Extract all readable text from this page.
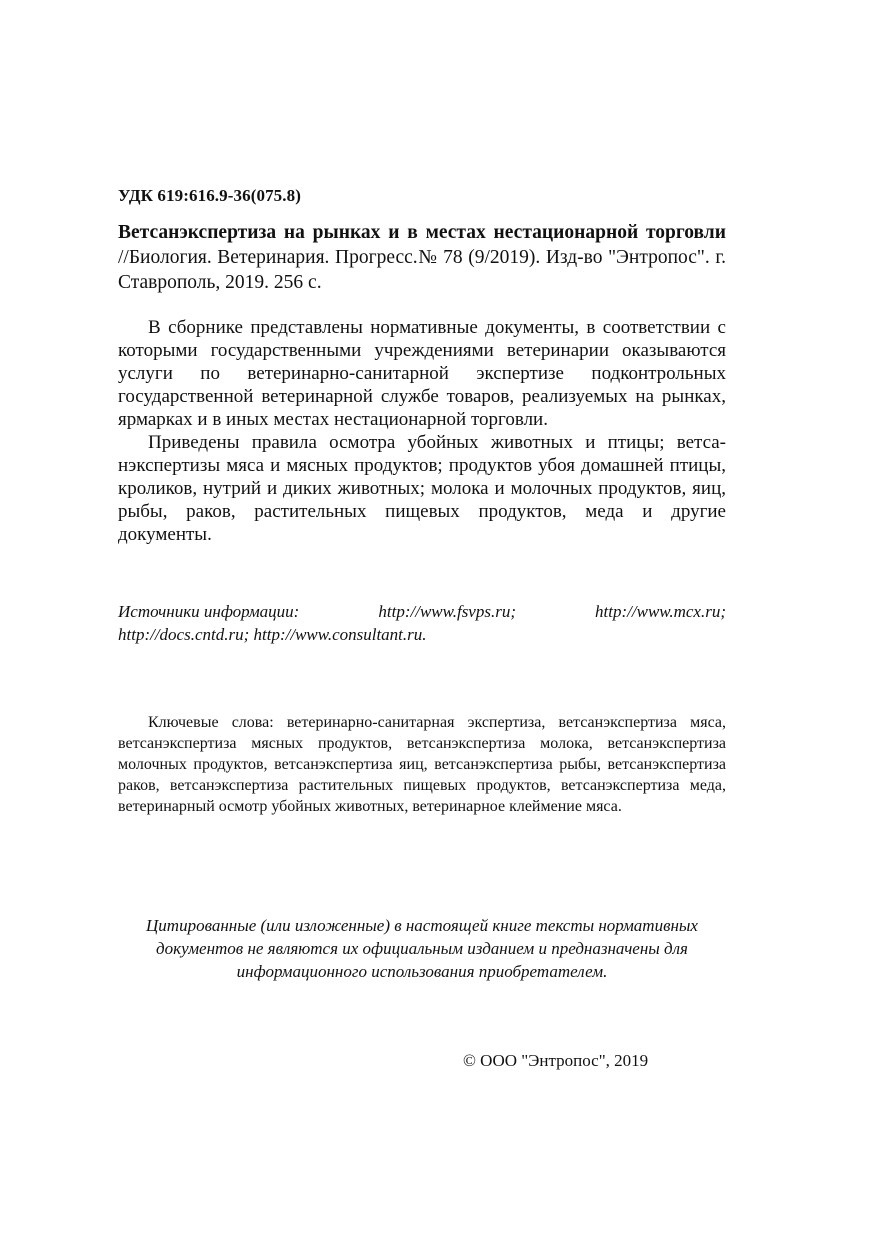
УДК 619:616.9-36(075.8)
Ветсанэкспертиза на рынках и в местах нестационарной торговли //Биология. Ветеринария. Прогресс.№ 78 (9/2019). Изд-во "Энтропос". г. Ставрополь, 2019. 256 с.

В сборнике представлены нормативные документы, в соответствии с которыми государственными учреждениями ветеринарии оказываются услуги по ветеринарно-санитарной экспертизе подконтрольных государственной ветеринарной службе товаров, реализуемых на рынках, ярмарках и в иных местах нестационарной торговли.

Приведены правила осмотра убойных животных и птицы; ветсанэкспертизы мяса и мясных продуктов; продуктов убоя домашней птицы, кроликов, нутрий и диких животных; молока и молочных продуктов, яиц, рыбы, раков, растительных пищевых продуктов, меда и другие документы.

Источники информации:	http://www.fsvps.ru;	http://www.mcx.ru;
http://docs.cntd.ru; http://www.consultant.ru.
Ключевые слова: ветеринарно-санитарная экспертиза, ветсанэкспертиза мяса, ветсанэкспертиза мясных продуктов, ветсанэкспертиза молока, ветсанэкспертиза молочных продуктов, ветсанэкспертиза яиц, ветсанэкспертиза рыбы, ветсанэкспертиза раков, ветсанэкспертиза растительных пищевых продуктов, ветсанэкспертиза меда, ветеринарный осмотр убойных животных, ветеринарное клеймение мяса.
Цитированные (или изложенные) в настоящей книге тексты нормативных документов не являются их официальным изданием и предназначены для информационного использования приобретателем.
© ООО "Энтропос", 2019
